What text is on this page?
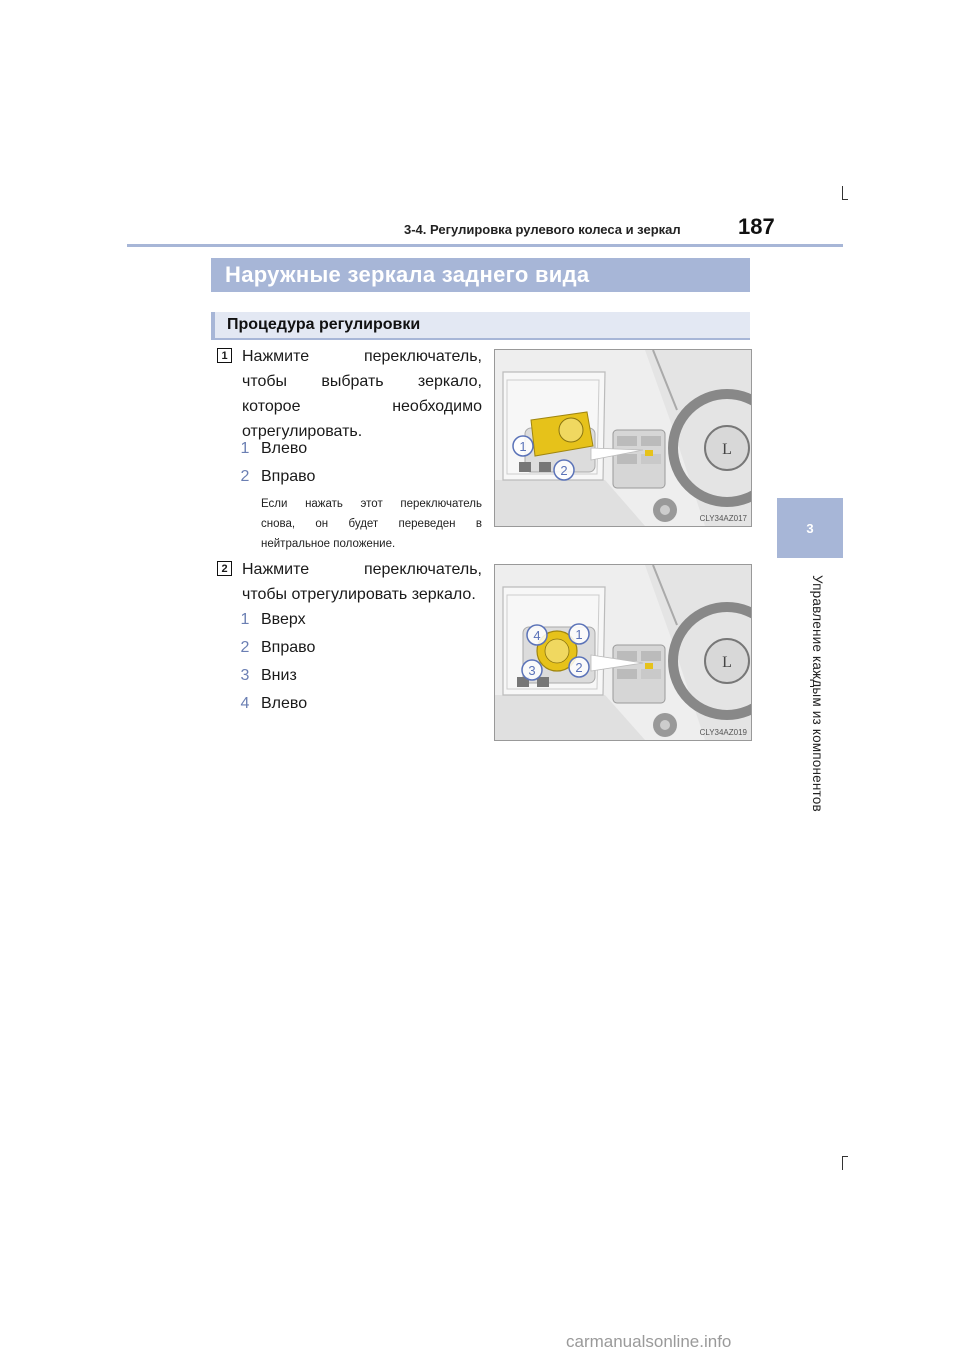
3-4. Регулировка рулевого колеса и зеркал	187
3
Управление каждым из компонентов
Наружные зеркала заднего вида
Процедура регулировки
1 Нажмите переключатель,
чтобы выбрать зеркало,
которое необходимо
отрегулировать.
1 Влево
2 Вправо
Если нажать этот переключатель
снова, он будет переведен в
нейтральное положение.
L
1
2
CLY34AZ017
2 Нажмите переключатель,
чтобы отрегулировать зеркало.
1 Вверх
2 Вправо
3 Вниз
4 Влево
L
4	1
3	2
CLY34AZ019
carmanualsonline.info
